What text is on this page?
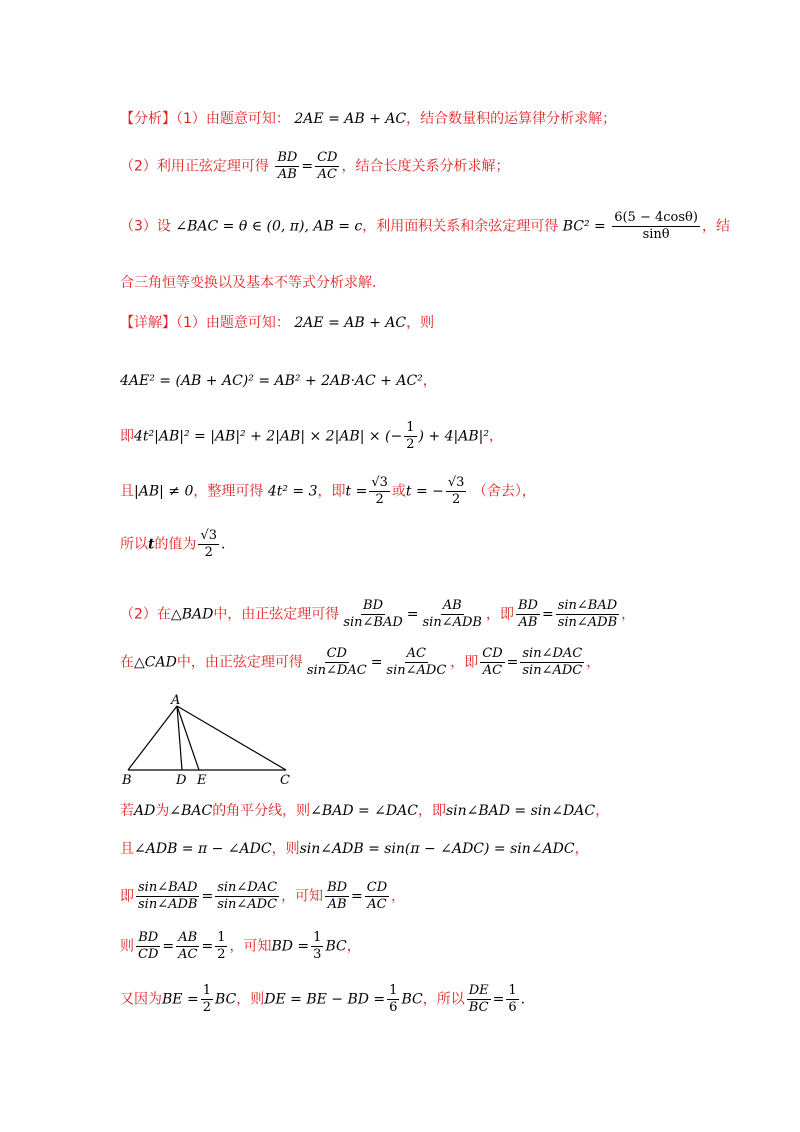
【分析】（1）由题意可知： 2AE = AB + AC，结合数量积的运算律分析求解；
（2）利用正弦定理可得 $\frac{BD}{AB} = \frac{CD}{AC}$ ，结合长度关系分析求解；
（3）设 ∠BAC = θ ∈ (0, π), AB = c，利用面积关系和余弦定理可得 $BC^2 = \frac{6(5 - 4\cos\theta)}{\sin\theta}$ ，结
合三角恒等变换以及基本不等式分析求解.
【详解】（1）由题意可知： 2AE = AB + AC，则
4AE² = (AB + AC)² = AB² + 2AB·AC + AC²，
即4t²|AB|² = |AB|² + 2|AB| × 2|AB| × (− $\frac{1}{2}$ ) + 4|AB|²，
且|AB| ≠ 0，整理可得 4t² = 3，即$t = \frac{√3}{2}$ 或t = − $\frac{√3}{2}$ （舍去），
所以t的值为 $\frac{√3}{2}$ .
（2）在△BAD中，由正弦定理可得 $\frac{BD}{\text{sin∠BAD}} = \frac{AB}{\text{sin∠ADB}}$ ，即 $\frac{BD}{AB} = \frac{\text{sin∠BAD}}{\text{sin∠ADB}}$ ，
在△CAD中，由正弦定理可得 $\frac{CD}{\text{sin∠DAC}} = \frac{AC}{\text{sin∠ADC}}$ ，即 $\frac{CD}{AC} = \frac{\text{sin∠DAC}}{\text{sin∠ADC}}$ ，
A
B	D E	C
若AD为∠BAC的角平分线，则∠BAD = ∠DAC，即sin∠BAD = sin∠DAC，
且∠ADB = π − ∠ADC，则sin∠ADB = sin(π − ∠ADC) = sin∠ADC，
即 $\frac{\text{sin∠BAD}}{\text{sin∠ADB}} = \frac{\text{sin∠DAC}}{\text{sin∠ADC}}$ ，可知 $\frac{BD}{AB} = \frac{CD}{AC}$ ，
则 $\frac{BD}{CD} = \frac{AB}{AC} = \frac{1}{2}$ ，可知BD = $\frac{1}{3}$ BC，
又因为BE = $\frac{1}{2}$ BC，则DE = BE − BD = $\frac{1}{6}$ BC，所以 $\frac{DE}{BC} = \frac{1}{6}$ .
